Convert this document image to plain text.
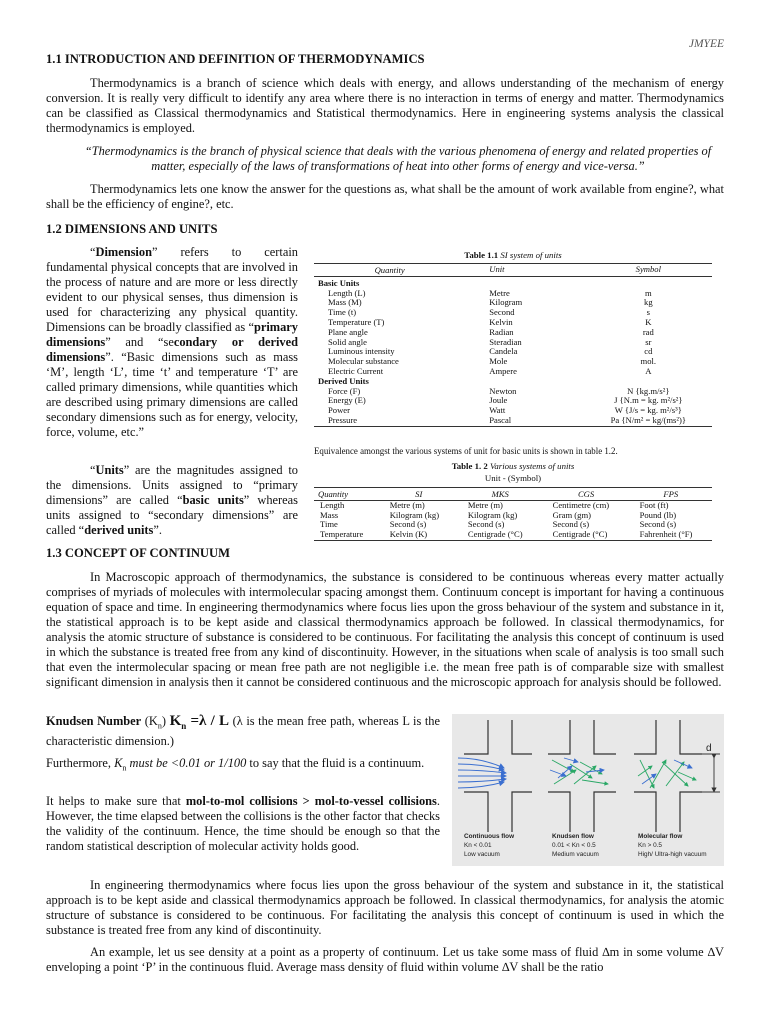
JMYEE
1.1 INTRODUCTION AND DEFINITION OF THERMODYNAMICS
Thermodynamics is a branch of science which deals with energy, and allows understanding of the mechanism of energy conversion. It is really very difficult to identify any area where there is no interaction in terms of energy and matter. Thermodynamics can be classified as Classical thermodynamics and Statistical thermodynamics. Here in engineering systems analysis the classical thermodynamics is employed.
“Thermodynamics is the branch of physical science that deals with the various phenomena of energy and related properties of matter, especially of the laws of transformations of heat into other forms of energy and vice-versa.”
Thermodynamics lets one know the answer for the questions as, what shall be the amount of work available from engine?, what shall be the efficiency of engine?, etc.
1.2 DIMENSIONS AND UNITS
“Dimension” refers to certain fundamental physical concepts that are involved in the process of nature and are more or less directly evident to our physical senses, thus dimension is used for characterizing any physical quantity. Dimensions can be broadly classified as “primary dimensions” and “secondary or derived dimensions”. “Basic dimensions such as mass ‘M’, length ‘L’, time ‘t’ and temperature ‘T’ are called primary dimensions, while quantities which are described using primary dimensions are called secondary dimensions such as for energy, velocity, force, volume, etc.”
“Units” are the magnitudes assigned to the dimensions. Units assigned to “primary dimensions” are called “basic units” whereas units assigned to “secondary dimensions” are called “derived units”.
Table 1.1 SI system of units
Quantity	Unit	Symbol
Basic Units		
Length (L)	Metre	m
Mass (M)	Kilogram	kg
Time (t)	Second	s
Temperature (T)	Kelvin	K
Plane angle	Radian	rad
Solid angle	Steradian	sr
Luminous intensity	Candela	cd
Molecular substance	Mole	mol.
Electric Current	Ampere	A
Derived Units		
Force (F)	Newton	N {kg.m/s²}
Energy (E)	Joule	J {N.m = kg. m²/s²}
Power	Watt	W {J/s = kg. m²/s³}
Pressure	Pascal	Pa {N/m² = kg/(ms²)}
Equivalence amongst the various systems of unit for basic units is shown in table 1.2.
Table 1. 2 Various systems of units
Unit - (Symbol)
Quantity	SI	MKS	CGS	FPS
Length	Metre (m)	Metre (m)	Centimetre (cm)	Foot (ft)
Mass	Kilogram (kg)	Kilogram (kg)	Gram (gm)	Pound (lb)
Time	Second (s)	Second (s)	Second (s)	Second (s)
Temperature	Kelvin (K)	Centigrade (°C)	Centigrade (°C)	Fahrenheit (°F)
1.3 CONCEPT OF CONTINUUM
In Macroscopic approach of thermodynamics, the substance is considered to be continuous whereas every matter actually comprises of myriads of molecules with intermolecular spacing amongst them. Continuum concept is important for having a continuous equation of space and time. In engineering thermodynamics where focus lies upon the gross behaviour of the system and substance in it, the statistical approach is to be kept aside and classical thermodynamics approach be followed. In classical thermodynamics, for analysis the atomic structure of substance is considered to be continuous. For facilitating the analysis this concept of continuum is used in which the substance is treated free from any kind of discontinuity. However, in the situations when scale of analysis is too small such that even the intermolecular spacing or mean free path are not negligible i.e. the mean free path is of comparable size with smallest significant dimension in analysis then it cannot be considered continuous and the microscopic approach for analysis should be followed.
Knudsen Number $(K_n)$ $K_n =\lambda / L$ (λ is the mean free path, whereas L is the characteristic dimension.)
Furthermore, $K_n$ must be <0.01 or 1/100 to say that the fluid is a continuum.
It helps to make sure that mol-to-mol collisions > mol-to-vessel collisions. However, the time elapsed between the collisions is the other factor that checks the validity of the continuum. Hence, the time should be enough so that the random statistical description of molecular activity holds good.
d
Continuous flow
Kn < 0.01
Low vacuum
Knudsen flow
0.01 < Kn < 0.5
Medium vacuum
Molecular flow
Kn > 0.5
High/ Ultra-high vacuum
In engineering thermodynamics where focus lies upon the gross behaviour of the system and substance in it, the statistical approach is to be kept aside and classical thermodynamics approach be followed. In classical thermodynamics, for analysis the atomic structure of substance is considered to be continuous. For facilitating the analysis this concept of continuum is used in which the substance is treated free from any kind of discontinuity.
An example, let us see density at a point as a property of continuum. Let us take some mass of fluid ∆m in some volume ∆V enveloping a point ‘P’ in the continuous fluid. Average mass density of fluid within volume ∆V shall be the ratio
